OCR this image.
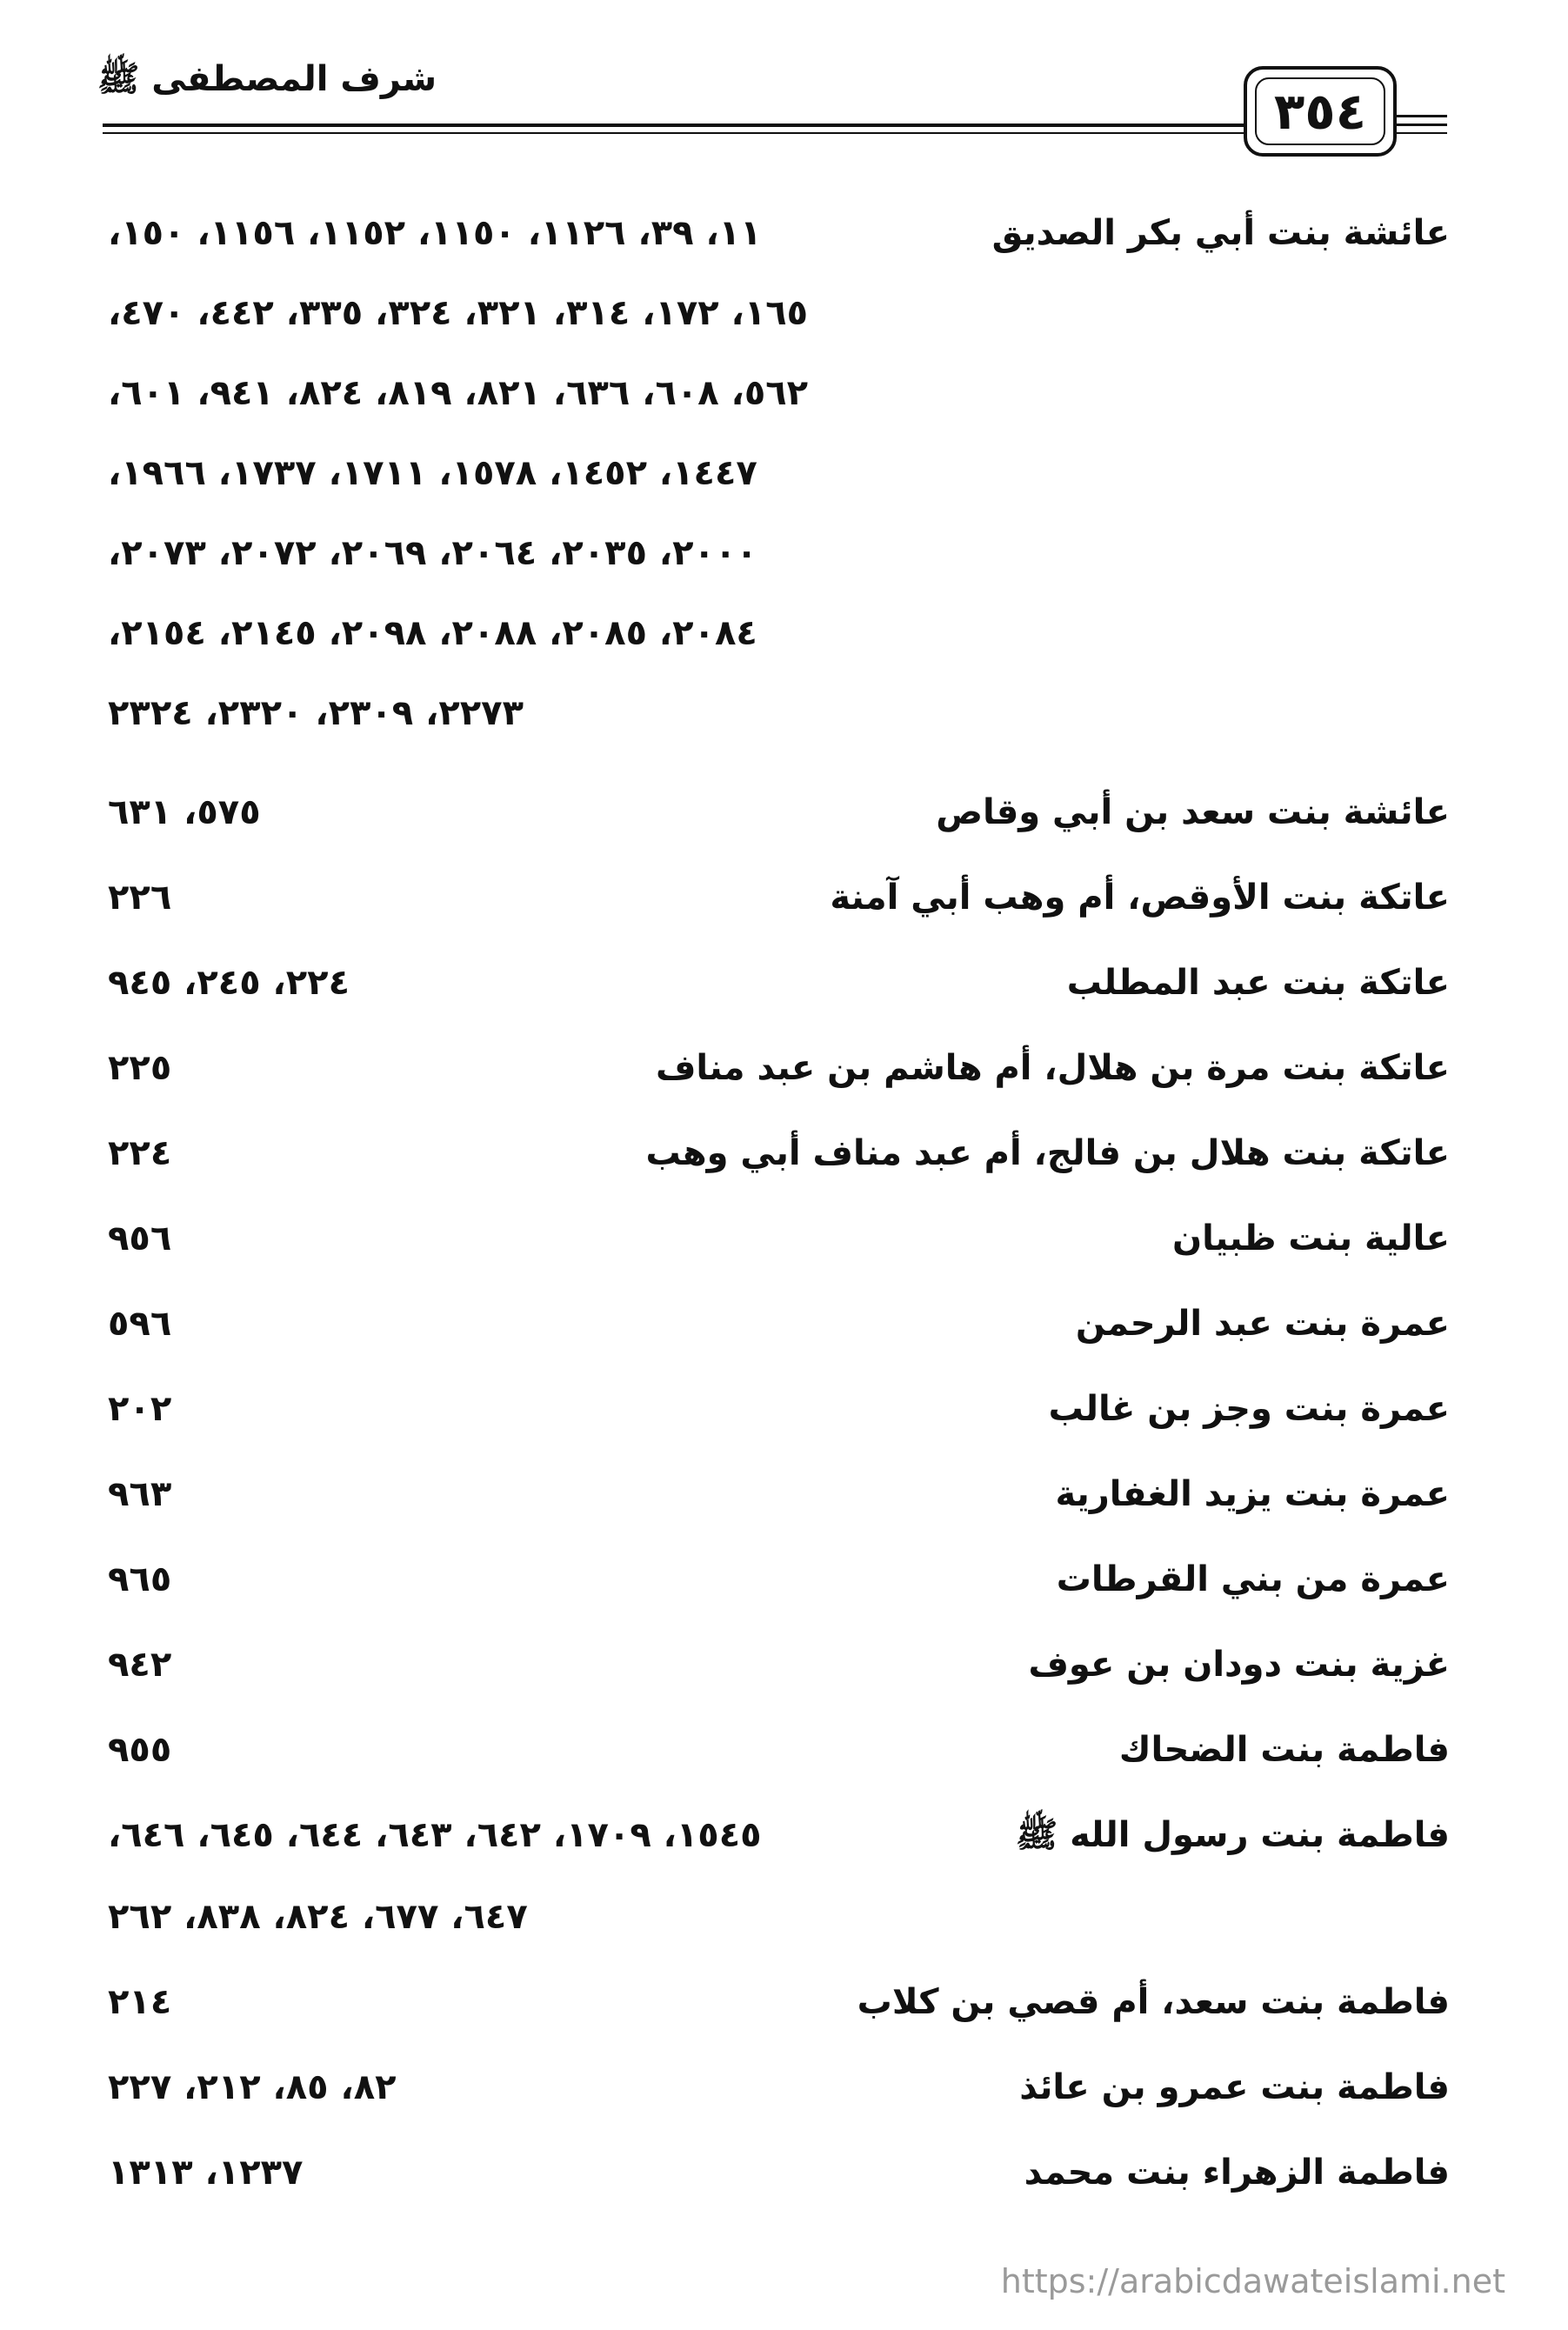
شرف المصطفى ﷺ
٣٥٤
عائشة بنت أبي بكر الصديق
١١، ٣٩، ١١٢٦، ١١٥٠، ١١٥٢، ١١٥٦، ١٥٠،
١٦٥، ١٧٢، ٣١٤، ٣٢١، ٣٢٤، ٣٣٥، ٤٤٢، ٤٧٠،
٥٦٢، ٦٠٨، ٦٣٦، ٨٢١، ٨١٩، ٨٢٤، ٩٤١، ٦٠١،
١٤٤٧، ١٤٥٢، ١٥٧٨، ١٧١١، ١٧٣٧، ١٩٦٦،
٢٠٠٠، ٢٠٣٥، ٢٠٦٤، ٢٠٦٩، ٢٠٧٢، ٢٠٧٣،
٢٠٨٤، ٢٠٨٥، ٢٠٨٨، ٢٠٩٨، ٢١٤٥، ٢١٥٤،
٢٢٧٣، ٢٣٠٩، ٢٣٢٠، ٢٣٢٤
عائشة بنت سعد بن أبي وقاص
٥٧٥، ٦٣١
عاتكة بنت الأوقص، أم وهب أبي آمنة
٢٢٦
عاتكة بنت عبد المطلب
٢٢٤، ٢٤٥، ٩٤٥
عاتكة بنت مرة بن هلال، أم هاشم بن عبد مناف
٢٢٥
عاتكة بنت هلال بن فالج، أم عبد مناف أبي وهب
٢٢٤
عالية بنت ظبيان
٩٥٦
عمرة بنت عبد الرحمن
٥٩٦
عمرة بنت وجز بن غالب
٢٠٢
عمرة بنت يزيد الغفارية
٩٦٣
عمرة من بني القرطات
٩٦٥
غزية بنت دودان بن عوف
٩٤٢
فاطمة بنت الضحاك
٩٥٥
فاطمة بنت رسول الله ﷺ
١٥٤٥، ١٧٠٩، ٦٤٢، ٦٤٣، ٦٤٤، ٦٤٥، ٦٤٦،
٦٤٧، ٦٧٧، ٨٢٤، ٨٣٨، ٢٦٢
فاطمة بنت سعد، أم قصي بن كلاب
٢١٤
فاطمة بنت عمرو بن عائذ
٨٢، ٨٥، ٢١٢، ٢٢٧
فاطمة الزهراء بنت محمد
١٢٣٧، ١٣١٣
https://arabicdawateislami.net
